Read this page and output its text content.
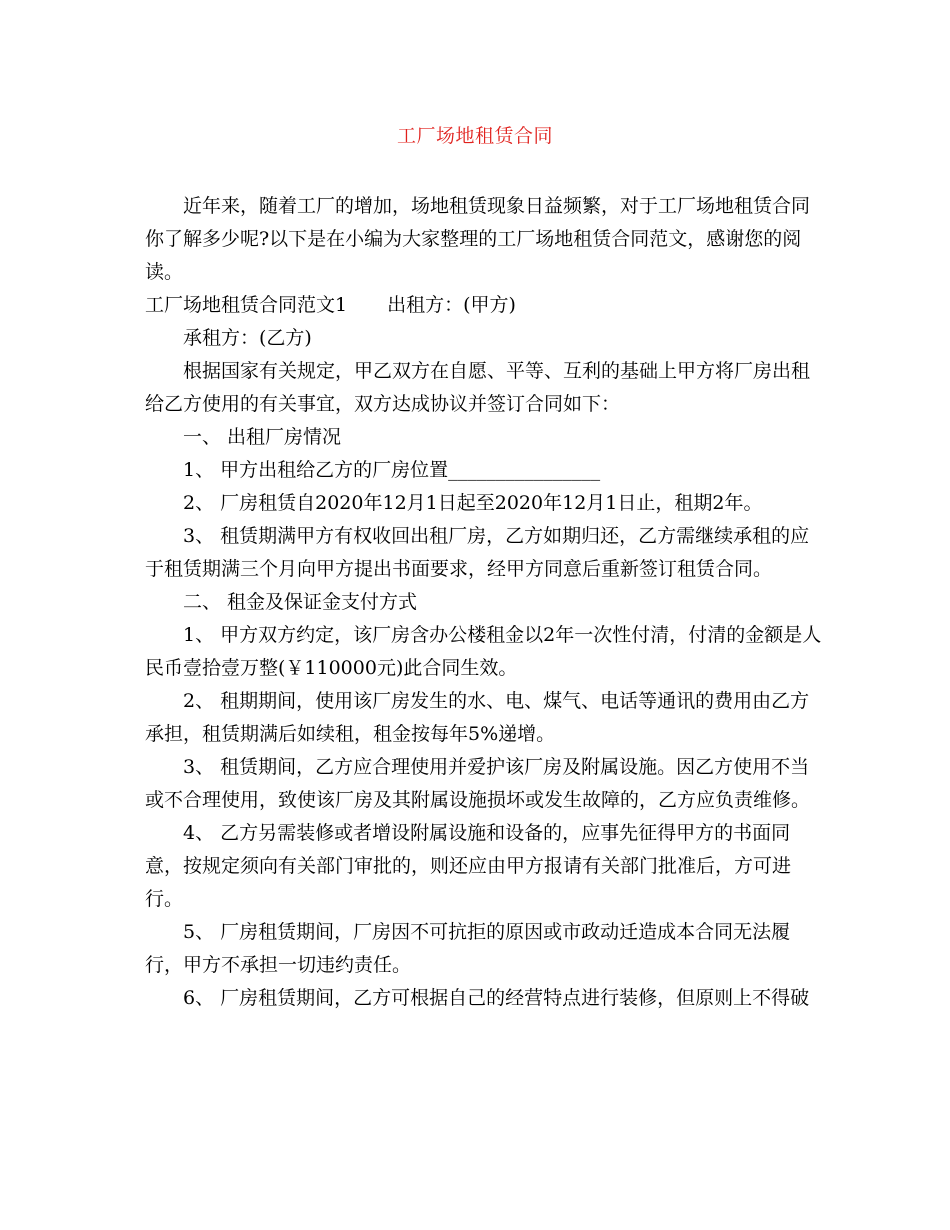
工厂场地租赁合同
近年来，随着工厂的增加，场地租赁现象日益频繁，对于工厂场地租赁合同
你了解多少呢?以下是在小编为大家整理的工厂场地租赁合同范文，感谢您的阅
读。
工厂场地租赁合同范文1 出租方：(甲方)
承租方：(乙方)
根据国家有关规定，甲乙双方在自愿、平等、互利的基础上甲方将厂房出租
给乙方使用的有关事宜，双方达成协议并签订合同如下：
一、 出租厂房情况
1、 甲方出租给乙方的厂房位置________________
2、 厂房租赁自2020年12月1日起至2020年12月1日止，租期2年。
3、 租赁期满甲方有权收回出租厂房，乙方如期归还，乙方需继续承租的应
于租赁期满三个月向甲方提出书面要求，经甲方同意后重新签订租赁合同。
二、 租金及保证金支付方式
1、 甲方双方约定，该厂房含办公楼租金以2年一次性付清，付清的金额是人
民币壹拾壹万整(￥110000元)此合同生效。
2、 租期期间，使用该厂房发生的水、电、煤气、电话等通讯的费用由乙方
承担，租赁期满后如续租，租金按每年5%递增。
3、 租赁期间，乙方应合理使用并爱护该厂房及附属设施。因乙方使用不当
或不合理使用，致使该厂房及其附属设施损坏或发生故障的，乙方应负责维修。
4、 乙方另需装修或者增设附属设施和设备的，应事先征得甲方的书面同
意，按规定须向有关部门审批的，则还应由甲方报请有关部门批准后，方可进
行。
5、 厂房租赁期间，厂房因不可抗拒的原因或市政动迁造成本合同无法履
行，甲方不承担一切违约责任。
6、 厂房租赁期间，乙方可根据自己的经营特点进行装修，但原则上不得破
